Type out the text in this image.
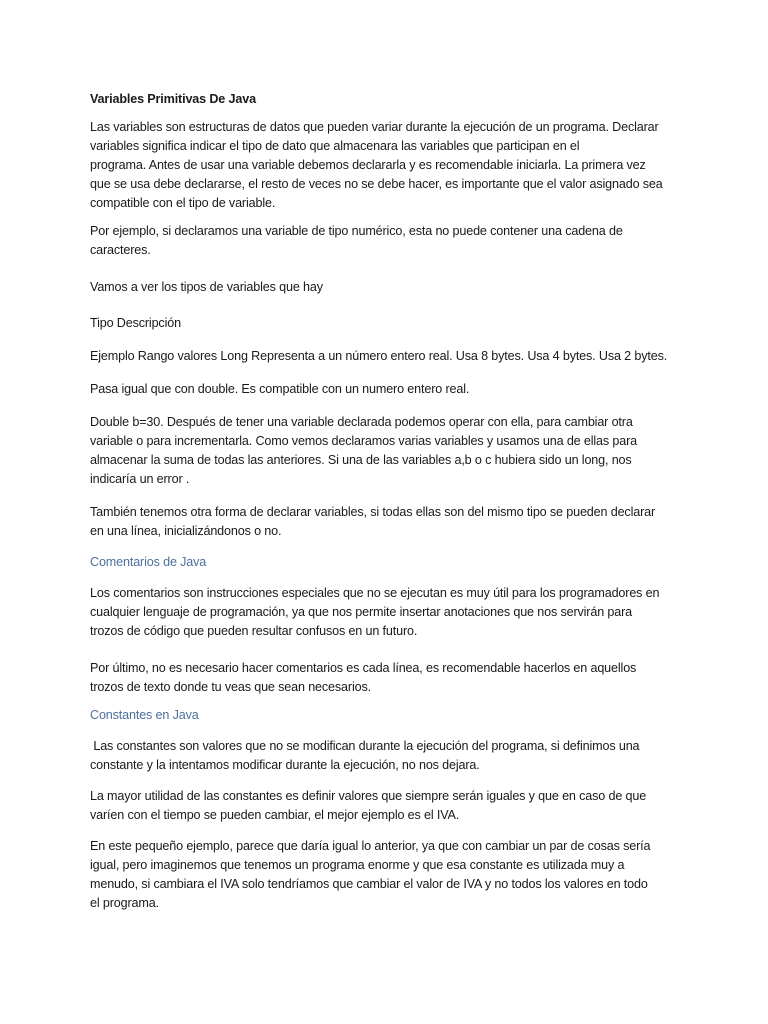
Variables Primitivas De Java
Las variables son estructuras de datos que pueden variar durante la ejecución de un programa. Declarar
variables significa indicar el tipo de dato que almacenara las variables que participan en el
programa. Antes de usar una variable debemos declararla y es recomendable iniciarla. La primera vez
que se usa debe declararse, el resto de veces no se debe hacer, es importante que el valor asignado sea
compatible con el tipo de variable.
Por ejemplo, si declaramos una variable de tipo numérico, esta no puede contener una cadena de
caracteres.
Vamos a ver los tipos de variables que hay
Tipo Descripción
Ejemplo Rango valores Long Representa a un número entero real. Usa 8 bytes. Usa 4 bytes. Usa 2 bytes.
Pasa igual que con double. Es compatible con un numero entero real.
Double b=30. Después de tener una variable declarada podemos operar con ella, para cambiar otra
variable o para incrementarla. Como vemos declaramos varias variables y usamos una de ellas para
almacenar la suma de todas las anteriores. Si una de las variables a,b o c hubiera sido un long, nos
indicaría un error .
También tenemos otra forma de declarar variables, si todas ellas son del mismo tipo se pueden declarar
en una línea, inicializándonos o no.
Comentarios de Java
Los comentarios son instrucciones especiales que no se ejecutan es muy útil para los programadores en
cualquier lenguaje de programación, ya que nos permite insertar anotaciones que nos servirán para
trozos de código que pueden resultar confusos en un futuro.
Por último, no es necesario hacer comentarios es cada línea, es recomendable hacerlos en aquellos
trozos de texto donde tu veas que sean necesarios.
Constantes en Java
Las constantes son valores que no se modifican durante la ejecución del programa, si definimos una
constante y la intentamos modificar durante la ejecución, no nos dejara.
La mayor utilidad de las constantes es definir valores que siempre serán iguales y que en caso de que
varíen con el tiempo se pueden cambiar, el mejor ejemplo es el IVA.
En este pequeño ejemplo, parece que daría igual lo anterior, ya que con cambiar un par de cosas sería
igual, pero imaginemos que tenemos un programa enorme y que esa constante es utilizada muy a
menudo, si cambiara el IVA solo tendríamos que cambiar el valor de IVA y no todos los valores en todo
el programa.
